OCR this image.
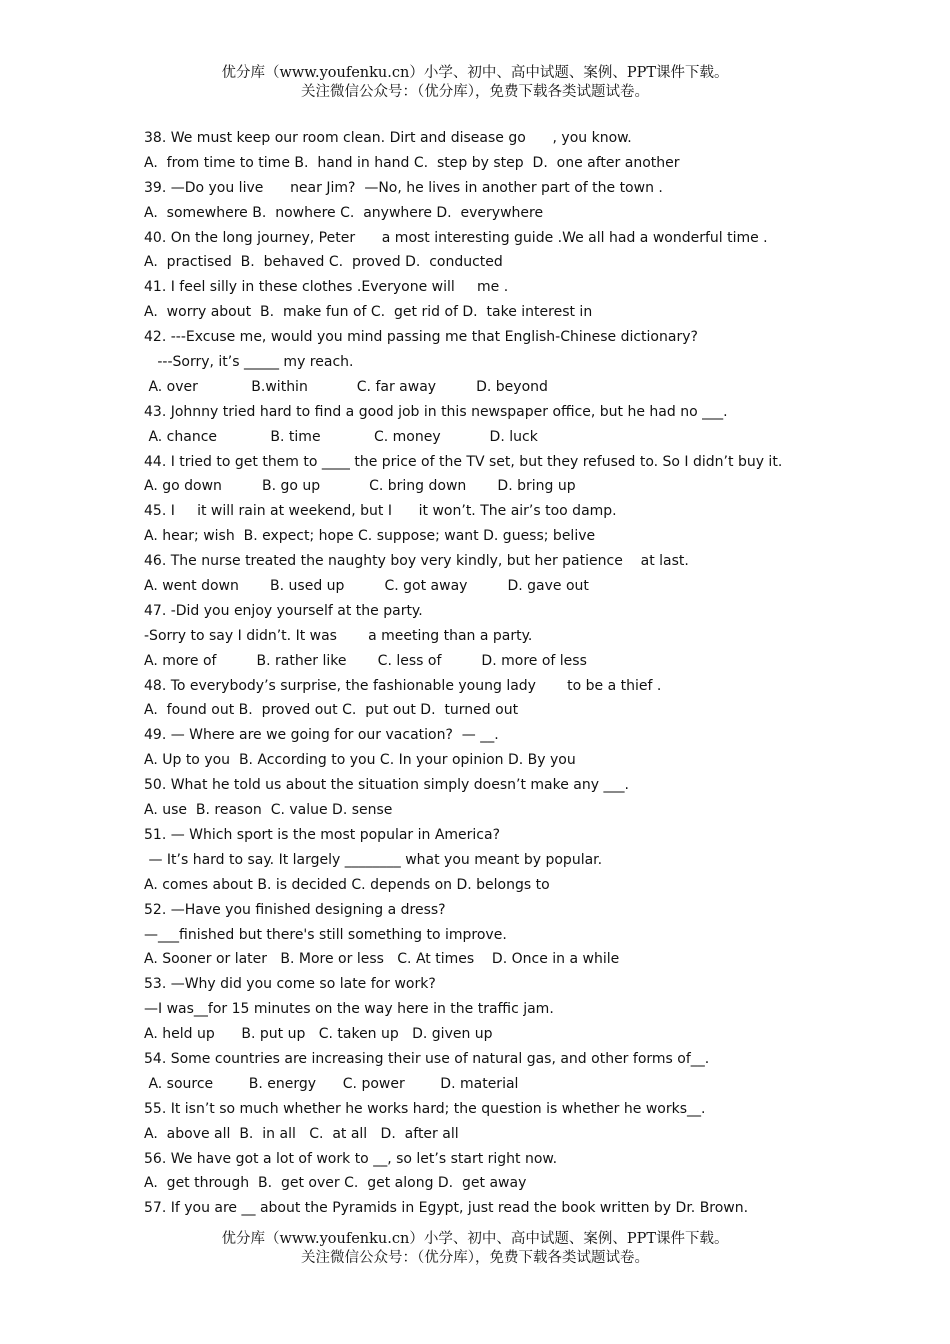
优分库（www.youfenku.cn）小学、初中、高中试题、案例、PPT课件下载。
关注微信公众号：（优分库），免费下载各类试题试卷。
38. We must keep our room clean. Dirt and disease go      , you know.
A.  from time to time B.  hand in hand C.  step by step  D.  one after another
39. —Do you live      near Jim?  —No, he lives in another part of the town .
A.  somewhere B.  nowhere C.  anywhere D.  everywhere
40. On the long journey, Peter      a most interesting guide .We all had a wonderful time .
A.  practised  B.  behaved C.  proved D.  conducted
41. I feel silly in these clothes .Everyone will     me .
A.  worry about  B.  make fun of C.  get rid of D.  take interest in
42. ---Excuse me, would you mind passing me that English-Chinese dictionary?
---Sorry, it’s _____ my reach.
A. over            B.within           C. far away         D. beyond
43. Johnny tried hard to find a good job in this newspaper office, but he had no ___.
A. chance            B. time            C. money           D. luck
44. I tried to get them to ____ the price of the TV set, but they refused to. So I didn’t buy it.
A. go down         B. go up           C. bring down       D. bring up
45. I     it will rain at weekend, but I      it won’t. The air’s too damp.
A. hear; wish  B. expect; hope C. suppose; want D. guess; belive
46. The nurse treated the naughty boy very kindly, but her patience    at last.
A. went down       B. used up         C. got away         D. gave out
47. -Did you enjoy yourself at the party.
-Sorry to say I didn’t. It was       a meeting than a party.
A. more of         B. rather like       C. less of         D. more of less
48. To everybody’s surprise, the fashionable young lady       to be a thief .
A.  found out B.  proved out C.  put out D.  turned out
49. — Where are we going for our vacation?  — __.
A. Up to you  B. According to you C. In your opinion D. By you
50. What he told us about the situation simply doesn’t make any ___.
A. use  B. reason  C. value D. sense
51. — Which sport is the most popular in America?
— It’s hard to say. It largely ________ what you meant by popular.
A. comes about B. is decided C. depends on D. belongs to
52. —Have you finished designing a dress?
—___finished but there's still something to improve.
A. Sooner or later   B. More or less   C. At times    D. Once in a while
53. —Why did you come so late for work?
—I was__for 15 minutes on the way here in the traffic jam.
A. held up      B. put up   C. taken up   D. given up
54. Some countries are increasing their use of natural gas, and other forms of__.
A. source        B. energy      C. power        D. material
55. It isn’t so much whether he works hard; the question is whether he works__.
A.  above all  B.  in all   C.  at all   D.  after all
56. We have got a lot of work to __, so let’s start right now.
A.  get through  B.  get over C.  get along D.  get away
57. If you are __ about the Pyramids in Egypt, just read the book written by Dr. Brown.
优分库（www.youfenku.cn）小学、初中、高中试题、案例、PPT课件下载。
关注微信公众号：（优分库），免费下载各类试题试卷。
